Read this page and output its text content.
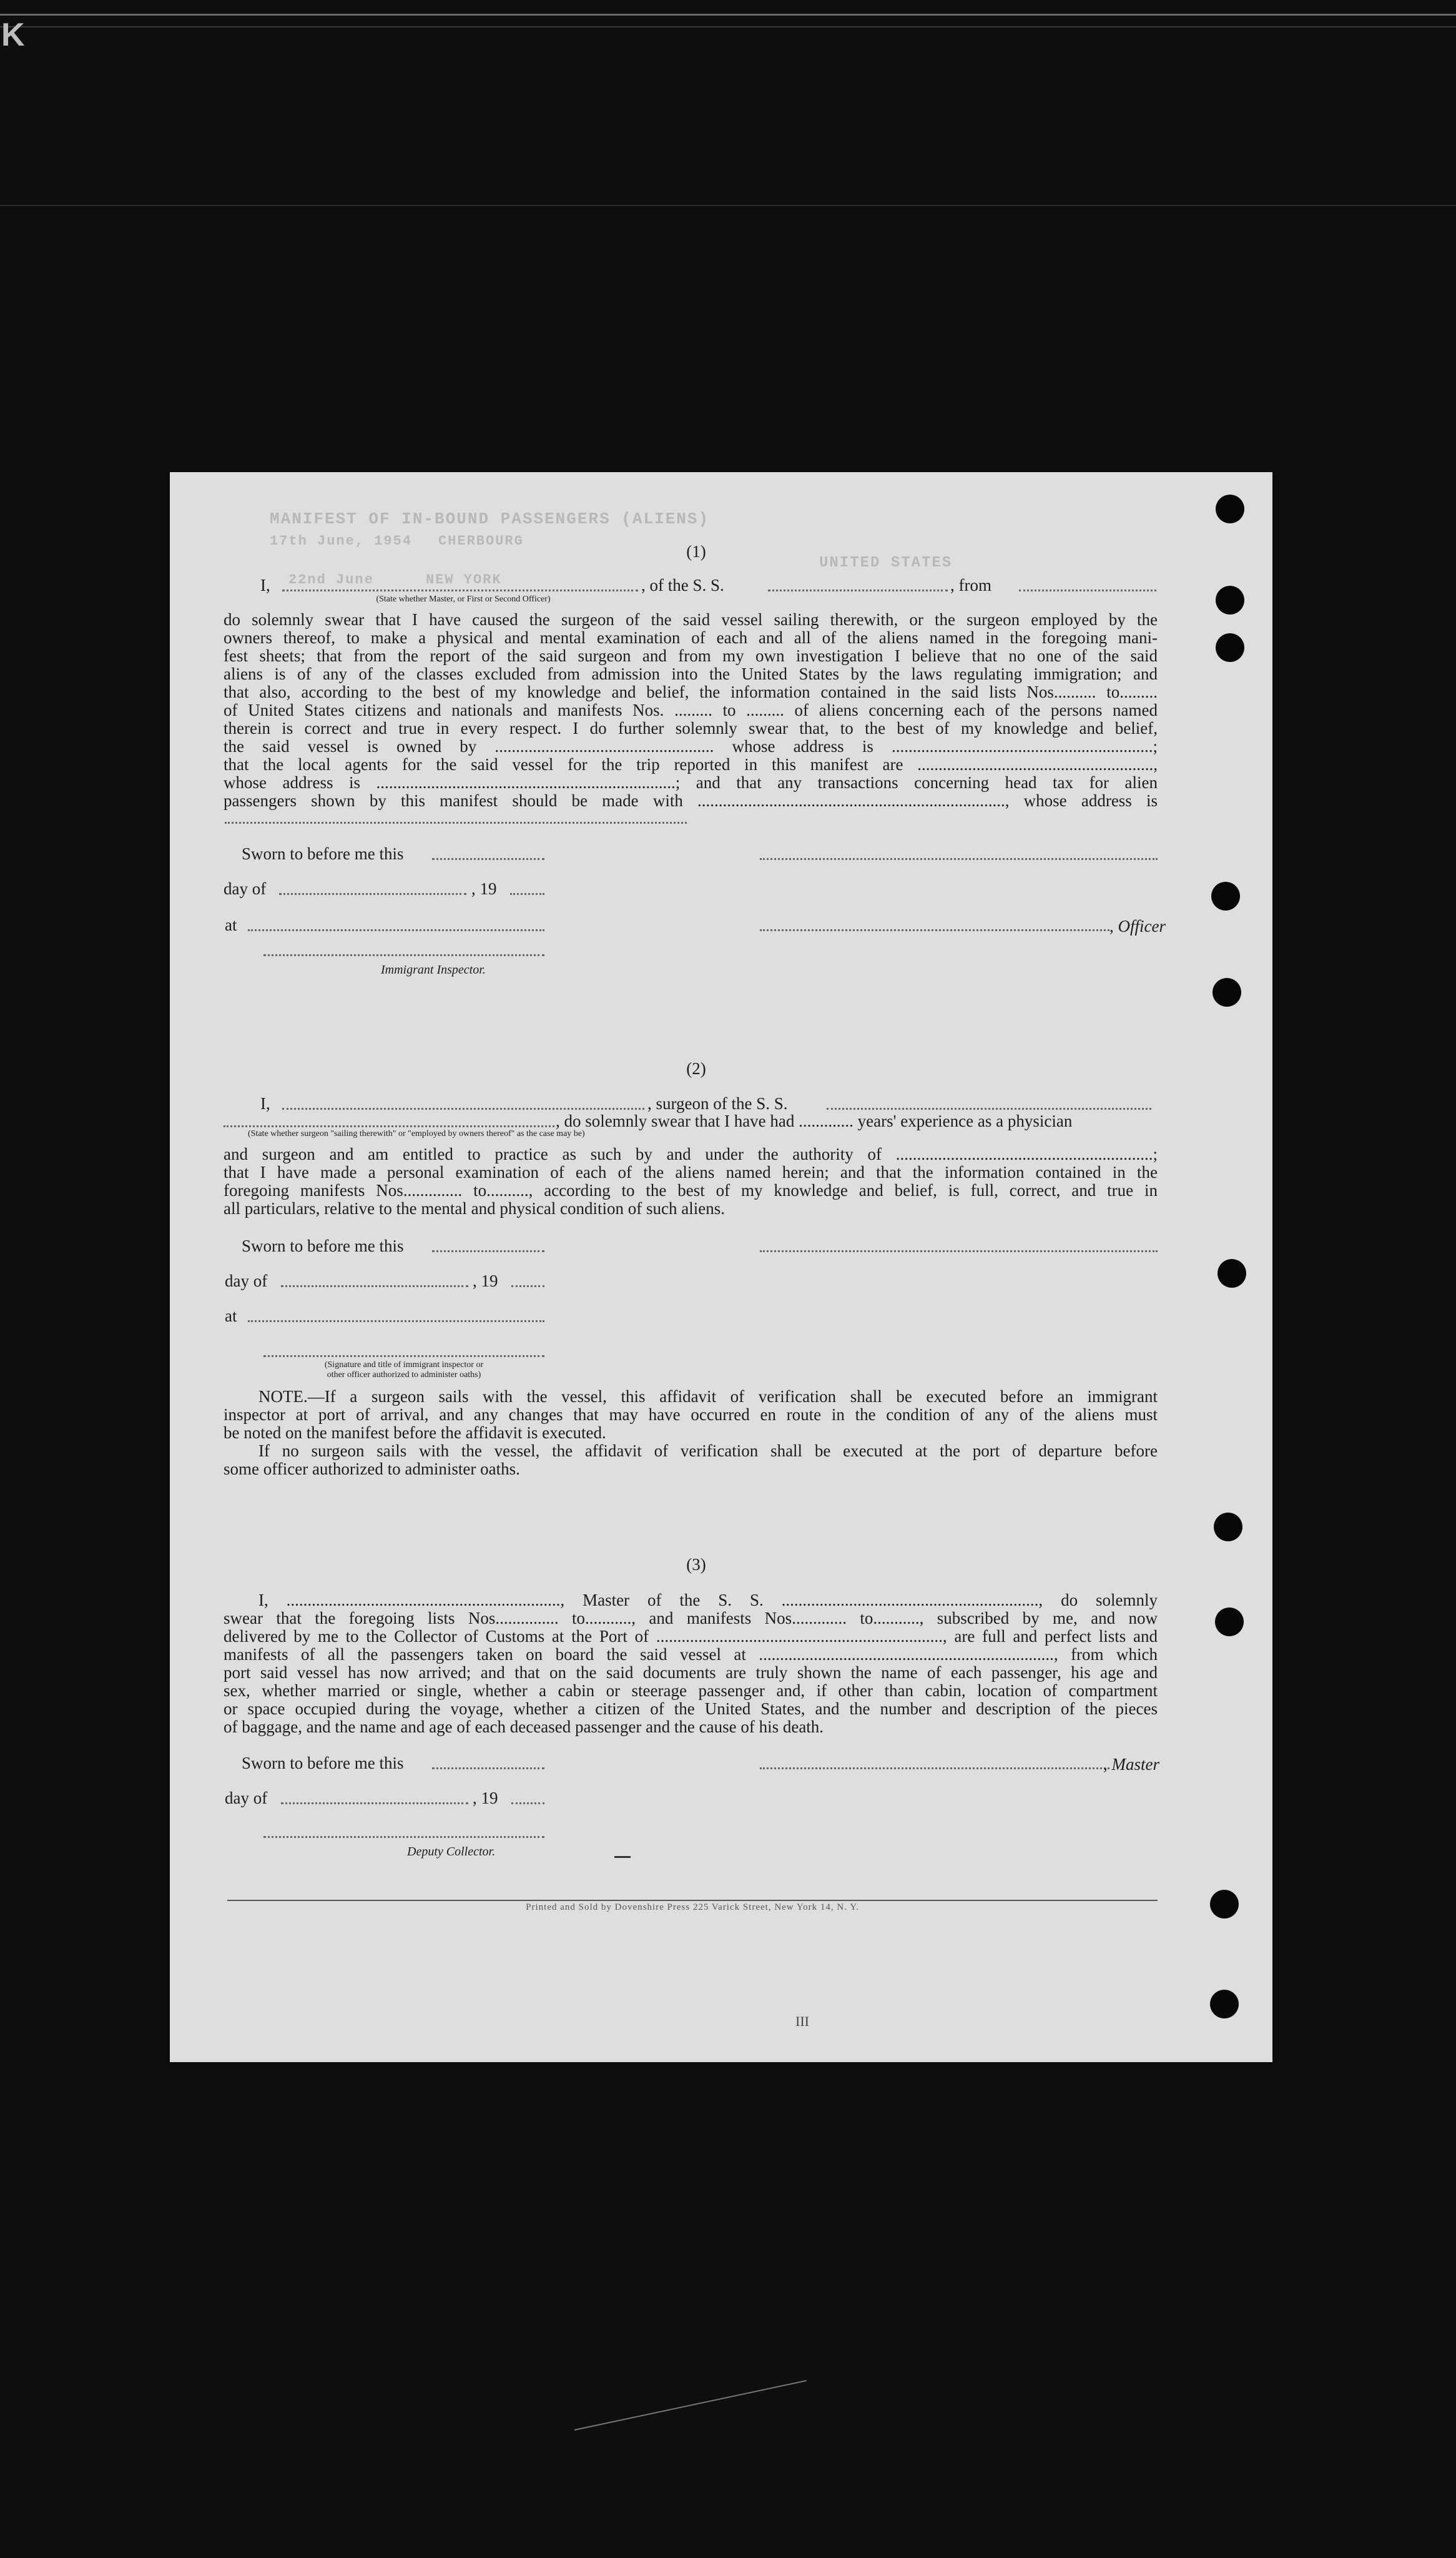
K
MANIFEST OF IN-BOUND PASSENGERS (ALIENS)
CHERBOURG
17th June, 1954
22nd June	NEW YORK
UNITED STATES
(1)
I,	, of the S. S.	, from
(State whether Master, or First or Second Officer)
do solemnly swear that I have caused the surgeon of the said vessel sailing therewith, or the surgeon employed by the
owners thereof, to make a physical and mental examination of each and all of the aliens named in the foregoing mani-
fest sheets; that from the report of the said surgeon and from my own investigation I believe that no one of the said
aliens is of any of the classes excluded from admission into the United States by the laws regulating immigration; and
that also, according to the best of my knowledge and belief, the information contained in the said lists Nos.......... to.........
of United States citizens and nationals and manifests Nos. ......... to ......... of aliens concerning each of the persons named
therein is correct and true in every respect. I do further solemnly swear that, to the best of my knowledge and belief,
the said vessel is owned by .................................................... whose address is ..............................................................;
that the local agents for the said vessel for the trip reported in this manifest are ........................................................,
whose address is .......................................................................; and that any transactions concerning head tax for alien
passengers shown by this manifest should be made with ........................................................................., whose address is
Sworn to before me this
day of	, 19
at	, Officer
Immigrant Inspector.
(2)
I,	, surgeon of the S. S.
, do solemnly swear that I have had ............. years' experience as a physician
(State whether surgeon "sailing therewith" or "employed by owners thereof" as the case may be)
and surgeon and am entitled to practice as such by and under the authority of .............................................................;
that I have made a personal examination of each of the aliens named herein; and that the information contained in the
foregoing manifests Nos.............. to.........., according to the best of my knowledge and belief, is full, correct, and true in
all particulars, relative to the mental and physical condition of such aliens.
Sworn to before me this
day of	, 19
at
(Signature and title of immigrant inspector or
other officer authorized to administer oaths)
NOTE.—If a surgeon sails with the vessel, this affidavit of verification shall be executed before an immigrant
inspector at port of arrival, and any changes that may have occurred en route in the condition of any of the aliens must
be noted on the manifest before the affidavit is executed.
If no surgeon sails with the vessel, the affidavit of verification shall be executed at the port of departure before
some officer authorized to administer oaths.
(3)
I, ................................................................., Master of the S. S. ............................................................., do solemnly
swear that the foregoing lists Nos............... to..........., and manifests Nos............. to..........., subscribed by me, and now
delivered by me to the Collector of Customs at the Port of ...................................................................., are full and perfect lists and
manifests of all the passengers taken on board the said vessel at ......................................................................, from which
port said vessel has now arrived; and that on the said documents are truly shown the name of each passenger, his age and
sex, whether married or single, whether a cabin or steerage passenger and, if other than cabin, location of compartment
or space occupied during the voyage, whether a citizen of the United States, and the number and description of the pieces
of baggage, and the name and age of each deceased passenger and the cause of his death.
Sworn to before me this	, Master
day of	, 19
Deputy Collector.
Printed and Sold by Dovenshire Press 225 Varick Street, New York 14, N. Y.
III
